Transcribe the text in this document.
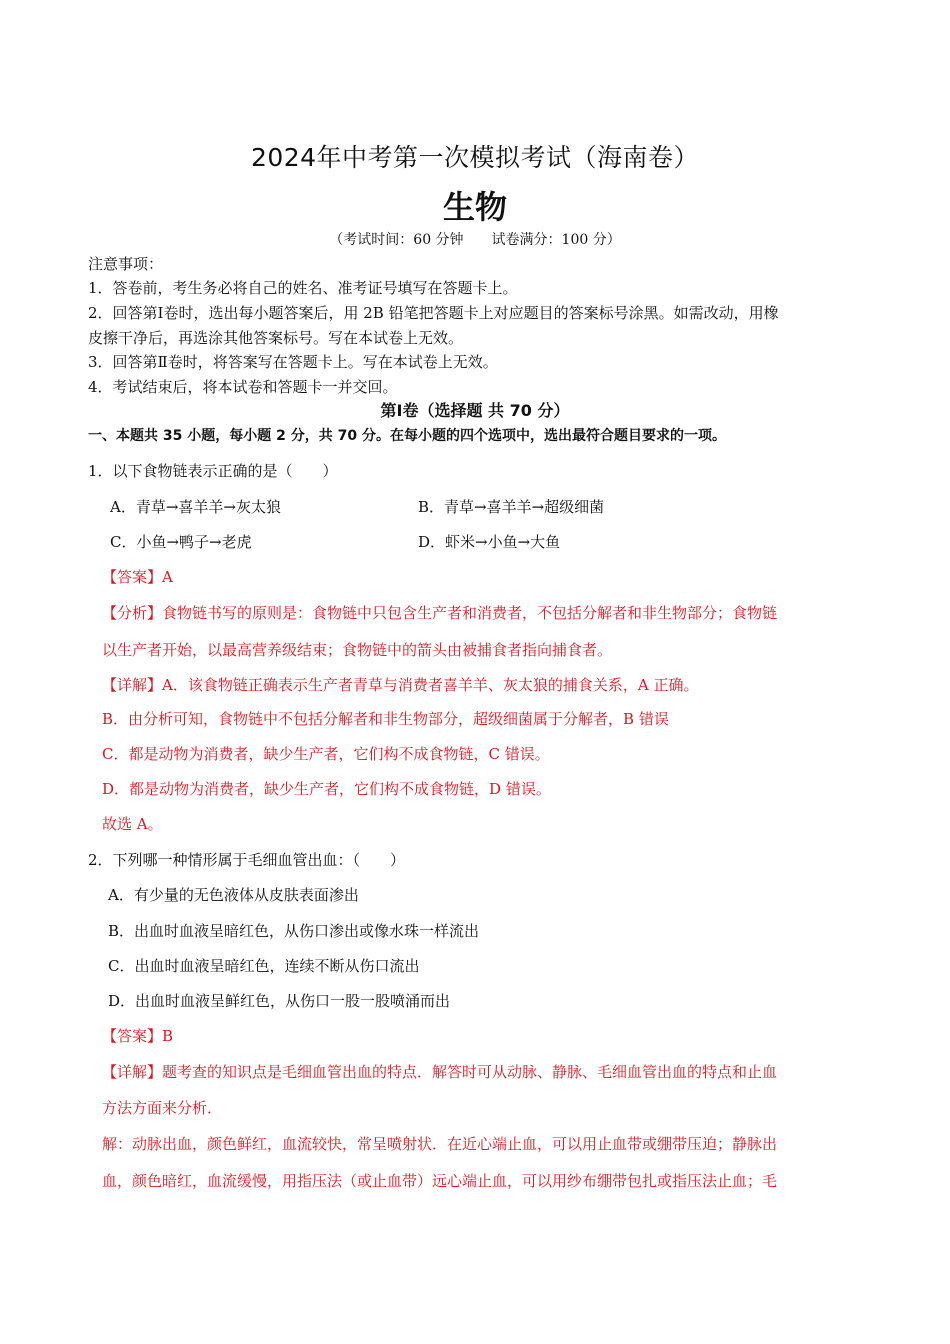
2024年中考第一次模拟考试（海南卷）
生物
（考试时间：60 分钟　　试卷满分：100 分）
注意事项：
1．答卷前，考生务必将自己的姓名、准考证号填写在答题卡上。
2．回答第Ⅰ卷时，选出每小题答案后，用 2B 铅笔把答题卡上对应题目的答案标号涂黑。如需改动，用橡
皮擦干净后，再选涂其他答案标号。写在本试卷上无效。
3．回答第Ⅱ卷时，将答案写在答题卡上。写在本试卷上无效。
4．考试结束后，将本试卷和答题卡一并交回。
第Ⅰ卷（选择题 共 70 分）
一、本题共 35 小题，每小题 2 分，共 70 分。在每小题的四个选项中，选出最符合题目要求的一项。
1．以下食物链表示正确的是（　　）
A．青草→喜羊羊→灰太狼	B．青草→喜羊羊→超级细菌
C．小鱼→鸭子→老虎	D．虾米→小鱼→大鱼
【答案】A
【分析】食物链书写的原则是：食物链中只包含生产者和消费者，不包括分解者和非生物部分；食物链
以生产者开始，以最高营养级结束；食物链中的箭头由被捕食者指向捕食者。
【详解】A．该食物链正确表示生产者青草与消费者喜羊羊、灰太狼的捕食关系，A 正确。
B．由分析可知，食物链中不包括分解者和非生物部分，超级细菌属于分解者，B 错误
C．都是动物为消费者，缺少生产者，它们构不成食物链，C 错误。
D．都是动物为消费者，缺少生产者，它们构不成食物链，D 错误。
故选 A。
2．下列哪一种情形属于毛细血管出血：（　　）
A．有少量的无色液体从皮肤表面渗出
B．出血时血液呈暗红色，从伤口渗出或像水珠一样流出
C．出血时血液呈暗红色，连续不断从伤口流出
D．出血时血液呈鲜红色，从伤口一股一股喷涌而出
【答案】B
【详解】题考查的知识点是毛细血管出血的特点．解答时可从动脉、静脉、毛细血管出血的特点和止血
方法方面来分析．
解：动脉出血，颜色鲜红，血流较快，常呈喷射状．在近心端止血，可以用止血带或绷带压迫；静脉出
血，颜色暗红，血流缓慢，用指压法（或止血带）远心端止血，可以用纱布绷带包扎或指压法止血；毛
